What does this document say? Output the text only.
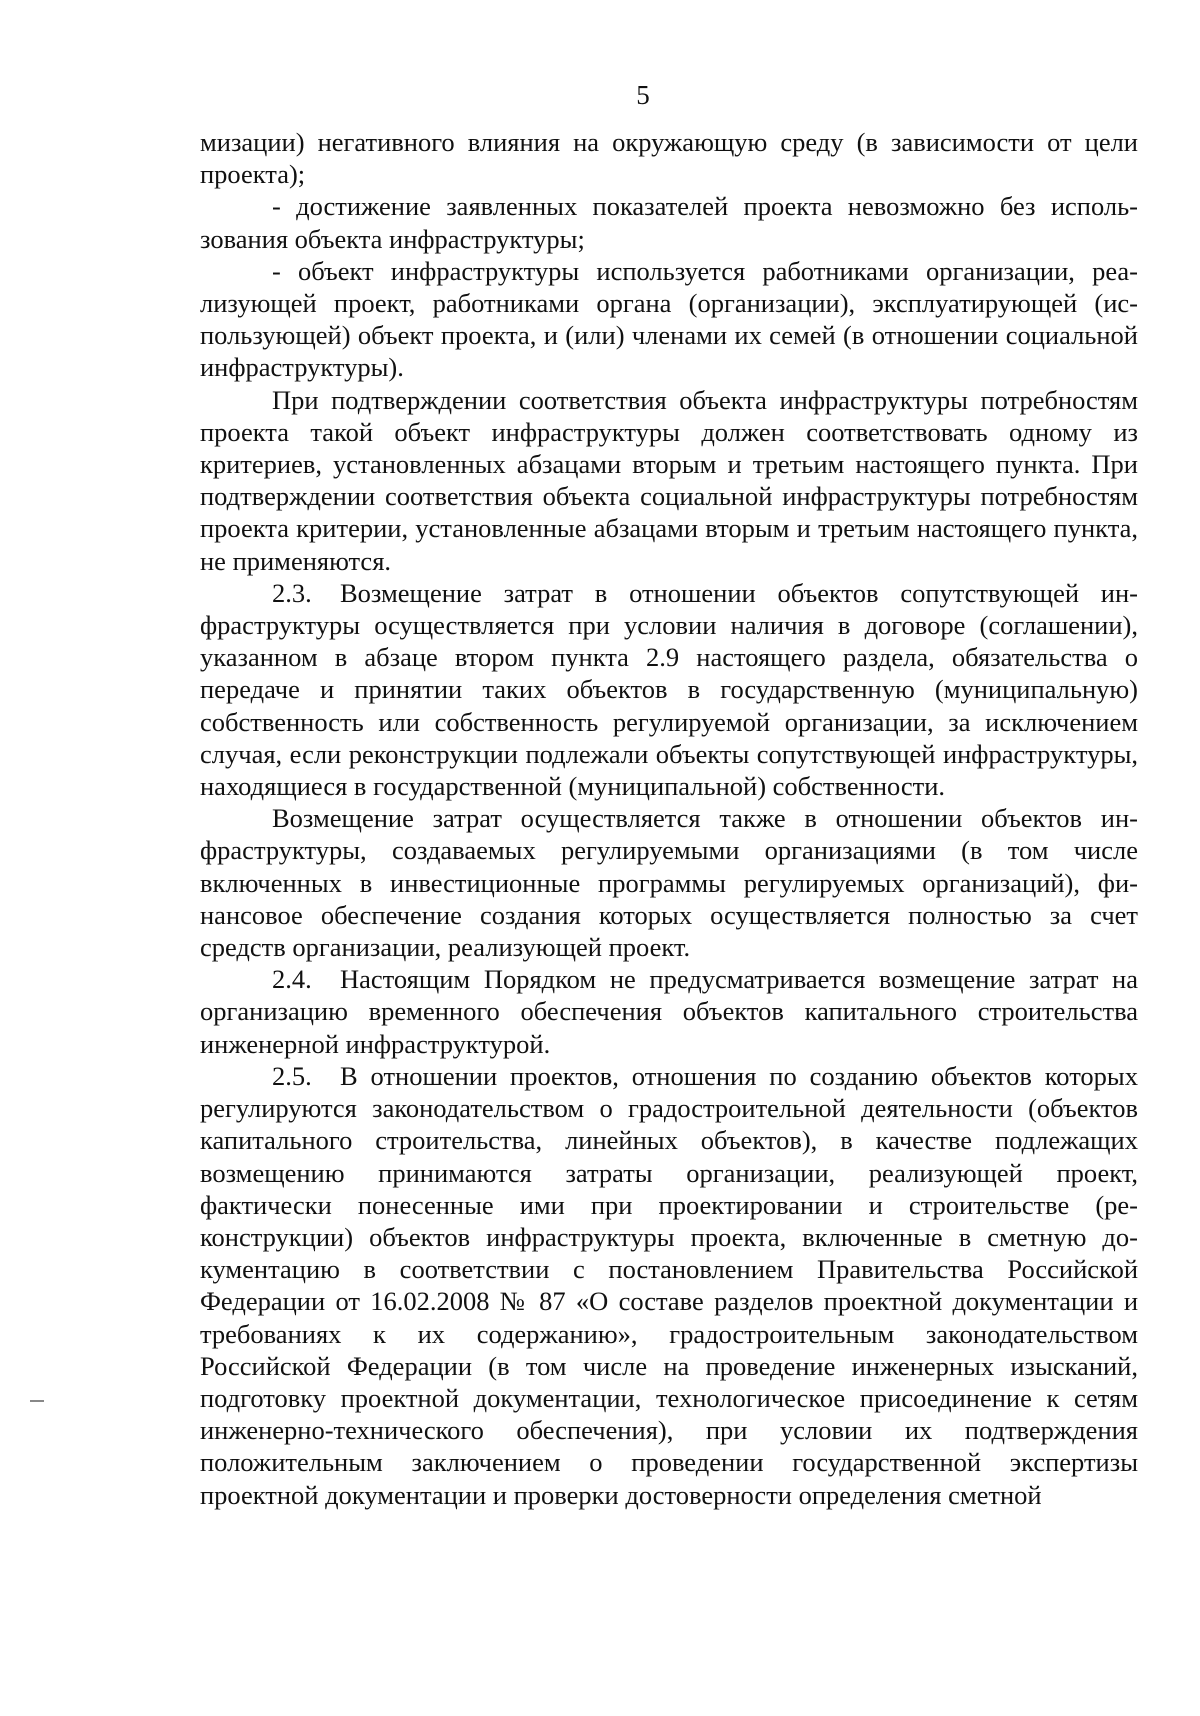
5

мизации) негативного влияния на окружающую среду (в зависимости от цели проекта);

- достижение заявленных показателей проекта невозможно без использования объекта инфраструктуры;

- объект инфраструктуры используется работниками организации, реализующей проект, работниками органа (организации), эксплуатирующей (использующей) объект проекта, и (или) членами их семей (в отношении социальной инфраструктуры).

При подтверждении соответствия объекта инфраструктуры потребностям проекта такой объект инфраструктуры должен соответствовать одному из критериев, установленных абзацами вторым и третьим настоящего пункта. При подтверждении соответствия объекта социальной инфраструктуры потребностям проекта критерии, установленные абзацами вторым и третьим настоящего пункта, не применяются.

2.3. Возмещение затрат в отношении объектов сопутствующей инфраструктуры осуществляется при условии наличия в договоре (соглашении), указанном в абзаце втором пункта 2.9 настоящего раздела, обязательства о передаче и принятии таких объектов в государственную (муниципальную) собственность или собственность регулируемой организации, за исключением случая, если реконструкции подлежали объекты сопутствующей инфраструктуры, находящиеся в государственной (муниципальной) собственности.

Возмещение затрат осуществляется также в отношении объектов инфраструктуры, создаваемых регулируемыми организациями (в том числе включенных в инвестиционные программы регулируемых организаций), финансовое обеспечение создания которых осуществляется полностью за счет средств организации, реализующей проект.

2.4. Настоящим Порядком не предусматривается возмещение затрат на организацию временного обеспечения объектов капитального строительства инженерной инфраструктурой.

2.5. В отношении проектов, отношения по созданию объектов которых регулируются законодательством о градостроительной деятельности (объектов капитального строительства, линейных объектов), в качестве подлежащих возмещению принимаются затраты организации, реализующей проект, фактически понесенные ими при проектировании и строительстве (реконструкции) объектов инфраструктуры проекта, включенные в сметную документацию в соответствии с постановлением Правительства Российской Федерации от 16.02.2008 № 87 «О составе разделов проектной документации и требованиях к их содержанию», градостроительным законодательством Российской Федерации (в том числе на проведение инженерных изысканий, подготовку проектной документации, технологическое присоединение к сетям инженерно-технического обеспечения), при условии их подтверждения положительным заключением о проведении государственной экспертизы проектной документации и проверки достоверности определения сметной
